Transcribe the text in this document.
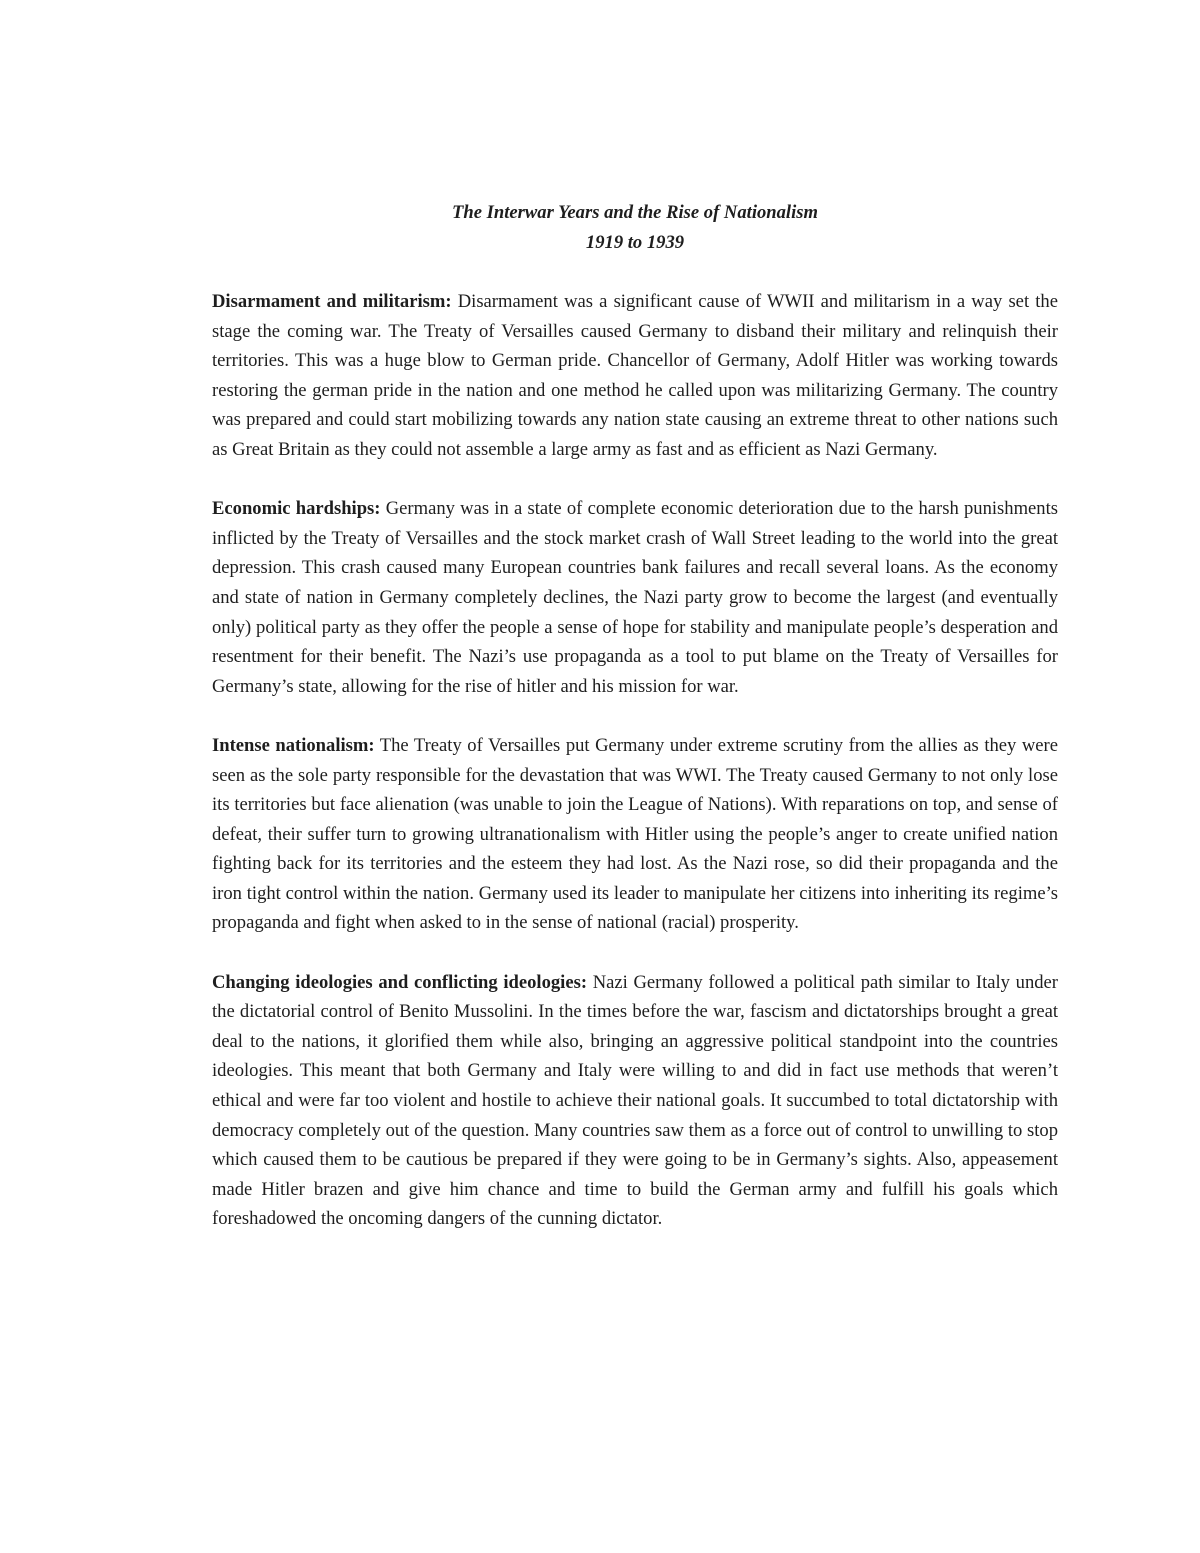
The Interwar Years and the Rise of Nationalism
1919 to 1939

Disarmament and militarism: Disarmament was a significant cause of WWII and militarism in a way set the stage the coming war. The Treaty of Versailles caused Germany to disband their military and relinquish their territories. This was a huge blow to German pride. Chancellor of Germany, Adolf Hitler was working towards restoring the german pride in the nation and one method he called upon was militarizing Germany. The country was prepared and could start mobilizing towards any nation state causing an extreme threat to other nations such as Great Britain as they could not assemble a large army as fast and as efficient as Nazi Germany.

Economic hardships: Germany was in a state of complete economic deterioration due to the harsh punishments inflicted by the Treaty of Versailles and the stock market crash of Wall Street leading to the world into the great depression. This crash caused many European countries bank failures and recall several loans. As the economy and state of nation in Germany completely declines, the Nazi party grow to become the largest (and eventually only) political party as they offer the people a sense of hope for stability and manipulate people’s desperation and resentment for their benefit. The Nazi’s use propaganda as a tool to put blame on the Treaty of Versailles for Germany’s state, allowing for the rise of hitler and his mission for war.

Intense nationalism: The Treaty of Versailles put Germany under extreme scrutiny from the allies as they were seen as the sole party responsible for the devastation that was WWI. The Treaty caused Germany to not only lose its territories but face alienation (was unable to join the League of Nations). With reparations on top, and sense of defeat, their suffer turn to growing ultranationalism with Hitler using the people’s anger to create unified nation fighting back for its territories and the esteem they had lost. As the Nazi rose, so did their propaganda and the iron tight control within the nation. Germany used its leader to manipulate her citizens into inheriting its regime’s propaganda and fight when asked to in the sense of national (racial) prosperity.

Changing ideologies and conflicting ideologies: Nazi Germany followed a political path similar to Italy under the dictatorial control of Benito Mussolini. In the times before the war, fascism and dictatorships brought a great deal to the nations, it glorified them while also, bringing an aggressive political standpoint into the countries ideologies. This meant that both Germany and Italy were willing to and did in fact use methods that weren’t ethical and were far too violent and hostile to achieve their national goals. It succumbed to total dictatorship with democracy completely out of the question. Many countries saw them as a force out of control to unwilling to stop which caused them to be cautious be prepared if they were going to be in Germany’s sights. Also, appeasement made Hitler brazen and give him chance and time to build the German army and fulfill his goals which foreshadowed the oncoming dangers of the cunning dictator.
